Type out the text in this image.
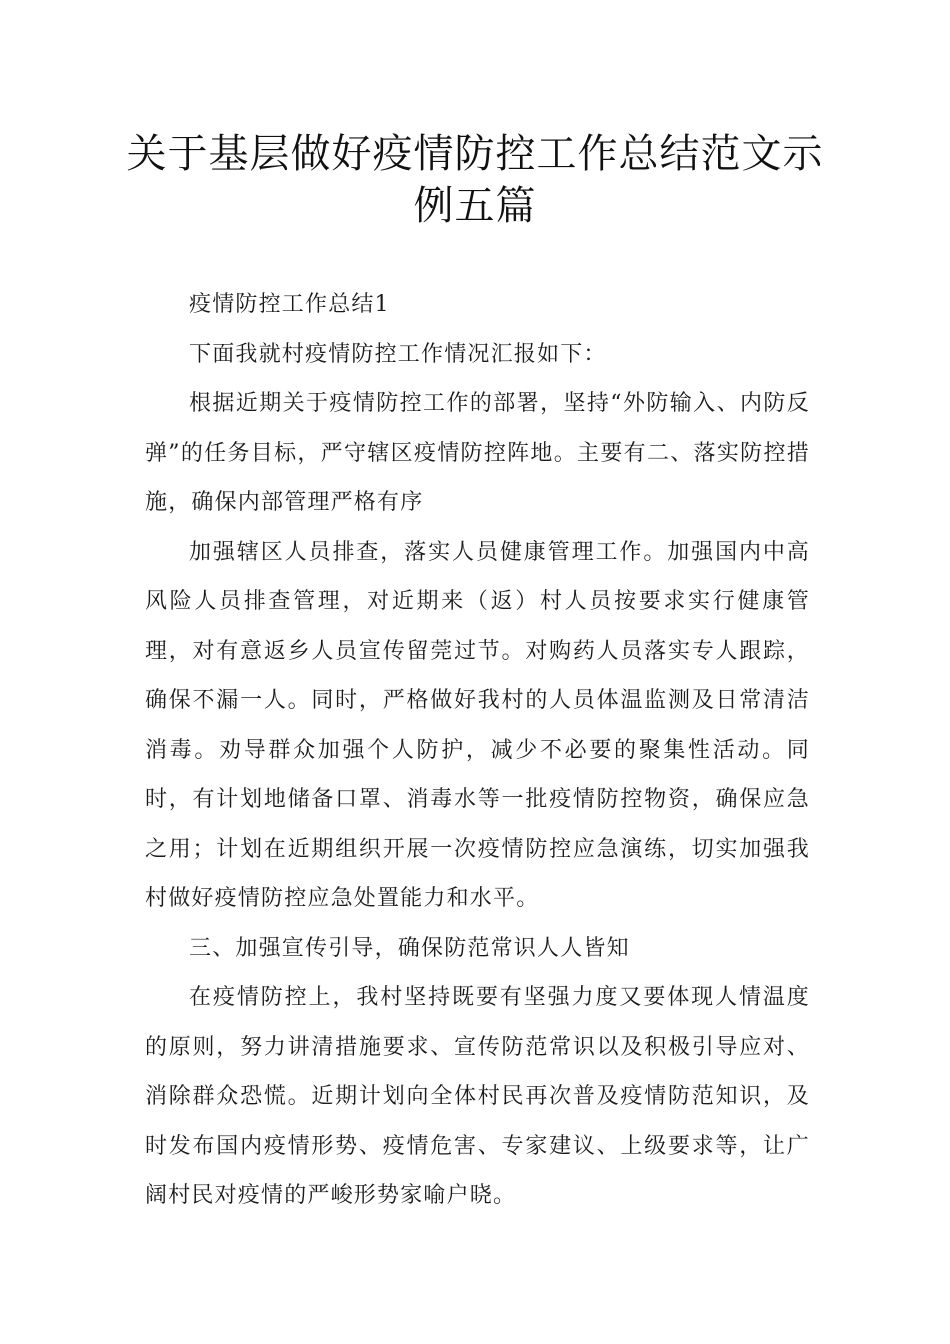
关于基层做好疫情防控工作总结范文示例五篇

疫情防控工作总结1

下面我就村疫情防控工作情况汇报如下：

根据近期关于疫情防控工作的部署，坚持“外防输入、内防反弹”的任务目标，严守辖区疫情防控阵地。主要有二、落实防控措施，确保内部管理严格有序

加强辖区人员排查，落实人员健康管理工作。加强国内中高风险人员排查管理，对近期来（返）村人员按要求实行健康管理，对有意返乡人员宣传留莞过节。对购药人员落实专人跟踪，确保不漏一人。同时，严格做好我村的人员体温监测及日常清洁消毒。劝导群众加强个人防护，减少不必要的聚集性活动。同时，有计划地储备口罩、消毒水等一批疫情防控物资，确保应急之用；计划在近期组织开展一次疫情防控应急演练，切实加强我村做好疫情防控应急处置能力和水平。

三、加强宣传引导，确保防范常识人人皆知

在疫情防控上，我村坚持既要有坚强力度又要体现人情温度的原则，努力讲清措施要求、宣传防范常识以及积极引导应对、消除群众恐慌。近期计划向全体村民再次普及疫情防范知识，及时发布国内疫情形势、疫情危害、专家建议、上级要求等，让广阔村民对疫情的严峻形势家喻户晓。
